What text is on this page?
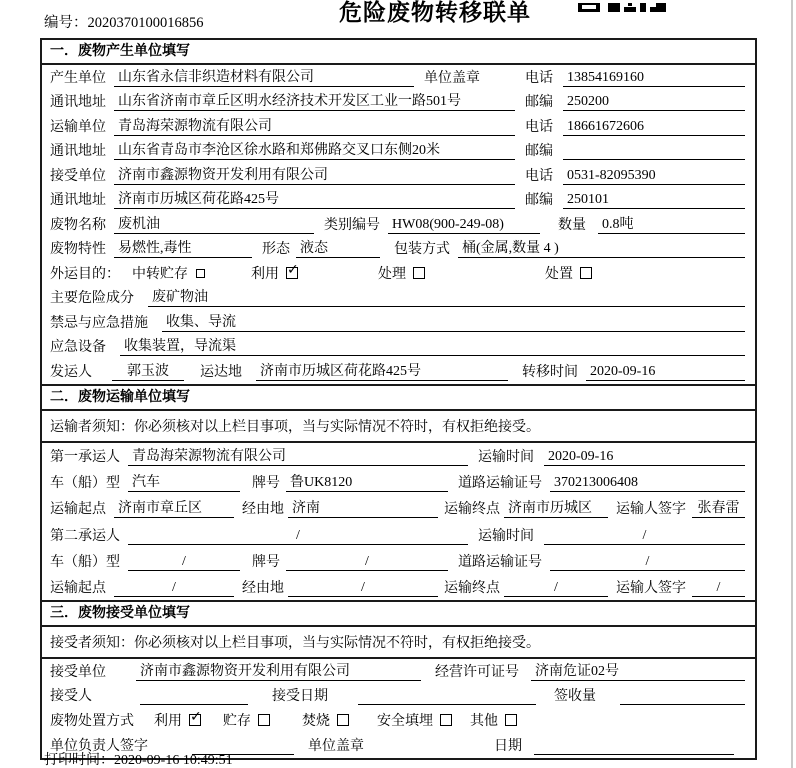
编号：2020370100016856	危险废物转移联单
一．废物产生单位填写
产生单位 山东省永信非织造材料有限公司	单位盖章	电话 13854169160
通讯地址 山东省济南市章丘区明水经济技术开发区工业一路501号	邮编 250200
运输单位 青岛海荣源物流有限公司	电话 18661672606
通讯地址 山东省青岛市李沧区徐水路和郑佛路交叉口东侧20米	邮编
接受单位 济南市鑫源物资开发利用有限公司	电话 0531-82095390
通讯地址 济南市历城区荷花路425号	邮编 250101
废物名称 废机油	类别编号 HW08(900-249-08)	数量 0.8吨
废物特性 易燃性,毒性	形态 液态	包装方式 桶(金属,数量 4 )
外运目的： 中转贮存	利用 ✓	处理	处置
主要危险成分 废矿物油
禁忌与应急措施 收集、导流
应急设备 收集装置，导流渠
发运人	郭玉波	运达地 济南市历城区荷花路425号	转移时间 2020-09-16
二．废物运输单位填写
运输者须知：你必须核对以上栏目事项，当与实际情况不符时，有权拒绝接受。
第一承运人 青岛海荣源物流有限公司	运输时间 2020-09-16
车（船）型 汽车	牌号 鲁UK8120	道路运输证号 370213006408
运输起点 济南市章丘区	经由地 济南	运输终点 济南市历城区	运输人签字 张春雷
第二承运人	/	运输时间	/
车（船）型	/	牌号	/	道路运输证号	/
运输起点	/	经由地	/	运输终点	/	运输人签字	/
三．废物接受单位填写
接受者须知：你必须核对以上栏目事项，当与实际情况不符时，有权拒绝接受。
接受单位 济南市鑫源物资开发利用有限公司	经营许可证号 济南危证02号
接受人	接受日期	签收量
废物处置方式 利用 ✓	贮存	焚烧	安全填埋	其他
单位负责人签字	单位盖章	日期
打印时间：2020-09-16 10:49:51
